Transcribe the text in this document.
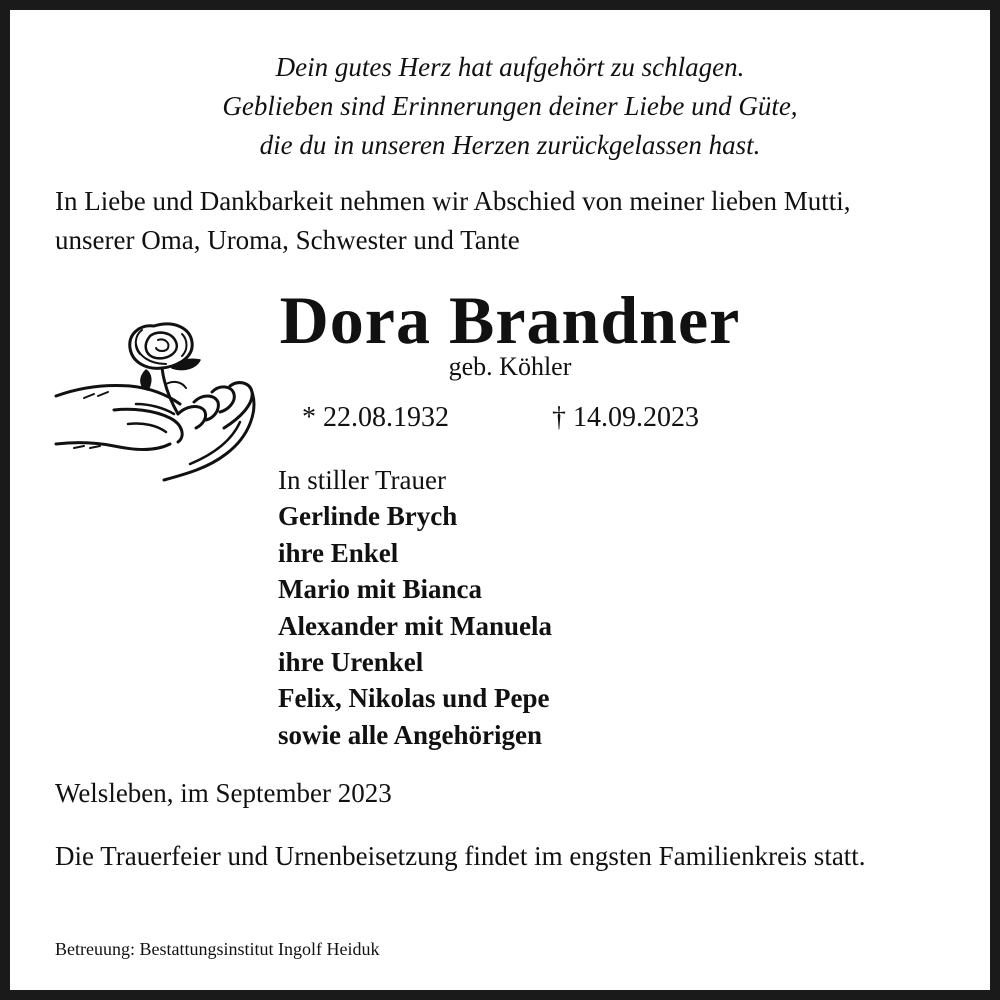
Dein gutes Herz hat aufgehört zu schlagen.
Geblieben sind Erinnerungen deiner Liebe und Güte,
die du in unseren Herzen zurückgelassen hast.
In Liebe und Dankbarkeit nehmen wir Abschied von meiner lieben Mutti,
unserer Oma, Uroma, Schwester und Tante
Dora Brandner
geb. Köhler
* 22.08.1932	† 14.09.2023
In stiller Trauer
Gerlinde Brych
ihre Enkel
Mario mit Bianca
Alexander mit Manuela
ihre Urenkel
Felix, Nikolas und Pepe
sowie alle Angehörigen
Welsleben, im September 2023
Die Trauerfeier und Urnenbeisetzung findet im engsten Familienkreis statt.
Betreuung: Bestattungsinstitut Ingolf Heiduk
